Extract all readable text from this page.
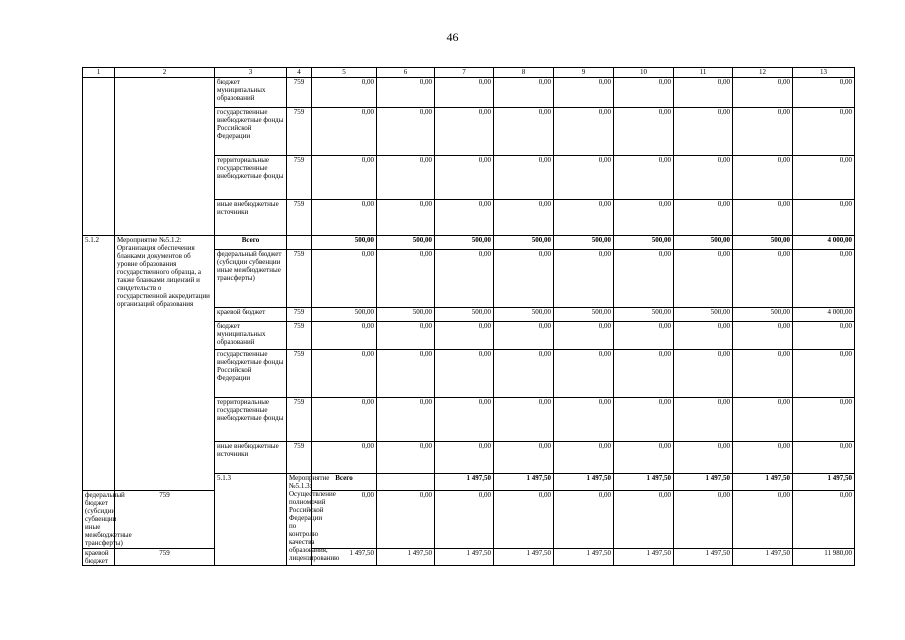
46
1	2	3	4	5	6	7	8	9	10	11	12	13	
		бюджет муниципальных образований	759	0,00	0,00	0,00	0,00	0,00	0,00	0,00	0,00	0,00	
		государственные внебюджетные фонды Российской Федерации	759	0,00	0,00	0,00	0,00	0,00	0,00	0,00	0,00	0,00	
		территориальные государственные внебюджетные фонды	759	0,00	0,00	0,00	0,00	0,00	0,00	0,00	0,00	0,00	
		иные внебюджетные источники	759	0,00	0,00	0,00	0,00	0,00	0,00	0,00	0,00	0,00	
5.1.2	Мероприятие №5.1.2: Организация обеспечения бланками документов об уровне образования государственного образца, а также бланками лицензий и свидетельств о государственной аккредитации организаций образования	Всего		500,00	500,00	500,00	500,00	500,00	500,00	500,00	500,00	4 000,00	
		федеральный бюджет (субсидии субвенции иные межбюджетные трансферты)	759	0,00	0,00	0,00	0,00	0,00	0,00	0,00	0,00	0,00	
		краевой бюджет	759	500,00	500,00	500,00	500,00	500,00	500,00	500,00	500,00	4 000,00	
		бюджет муниципальных образований	759	0,00	0,00	0,00	0,00	0,00	0,00	0,00	0,00	0,00	
		государственные внебюджетные фонды Российской Федерации	759	0,00	0,00	0,00	0,00	0,00	0,00	0,00	0,00	0,00	
		территориальные государственные внебюджетные фонды	759	0,00	0,00	0,00	0,00	0,00	0,00	0,00	0,00	0,00	
		иные внебюджетные источники	759	0,00	0,00	0,00	0,00	0,00	0,00	0,00	0,00	0,00	
		5.1.3	Мероприятие №5.1.3: Осуществление полномочий Российской Федерации по контролю качества образования, лицензированию	Всего		1 497,50	1 497,50	1 497,50	1 497,50	1 497,50	1 497,50	1 497,50		
федеральный бюджет (субсидии субвенции иные межбюджетные трансферты)	759			0,00	0,00	0,00	0,00	0,00	0,00	0,00	0,00	0,00	
краевой бюджет	759			1 497,50	1 497,50	1 497,50	1 497,50	1 497,50	1 497,50	1 497,50	1 497,50	11 980,00	
